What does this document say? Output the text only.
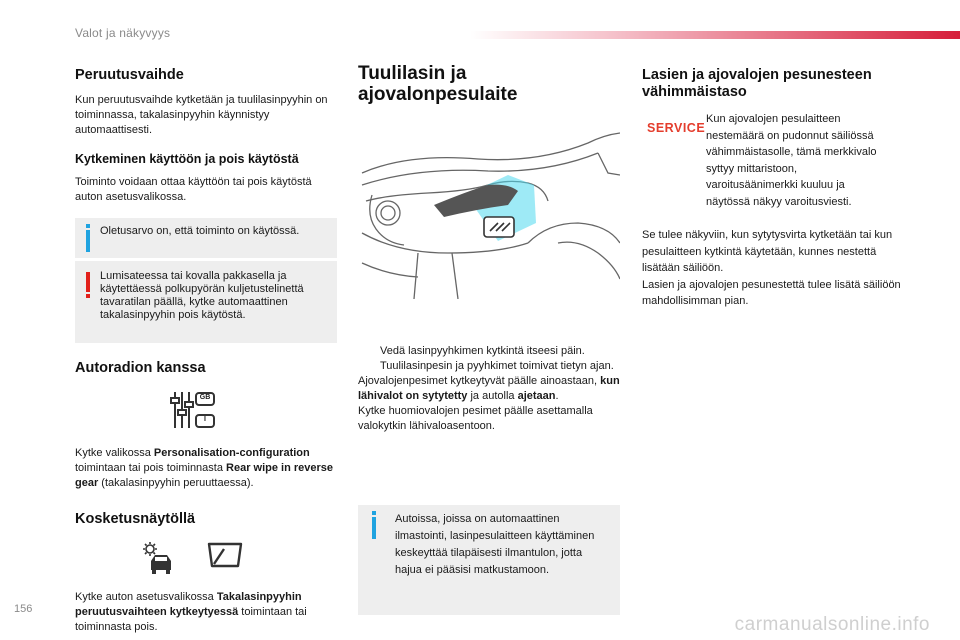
Valot ja näkyvyys
Peruutusvaihde

Kun peruutusvaihde kytketään ja tuulilasinpyyhin on toiminnassa, takalasinpyyhin käynnistyy automaattisesti.

Kytkeminen käyttöön ja pois käytöstä

Toiminto voidaan ottaa käyttöön tai pois käytöstä auton asetusvalikossa.

Oletusarvo on, että toiminto on käytössä.

Lumisateessa tai kovalla pakkasella ja käytettäessä polkupyörän kuljetustelinettä tavaratilan päällä, kytke automaattinen takalasinpyyhin pois käytöstä.

Autoradion kanssa
GB
I

Kytke valikossa Personalisation-configuration toimintaan tai pois toiminnasta Rear wipe in reverse gear (takalasinpyyhin peruuttaessa).

Kosketusnäytöllä

Kytke auton asetusvalikossa Takalasinpyyhin peruutusvaihteen kytkeytyessä toimintaan tai toiminnasta pois.

Tuulilasin ja ajovalonpesulaite

Vedä lasinpyyhkimen kytkintä itseesi päin. Tuulilasinpesin ja pyyhkimet toimivat tietyn ajan.

Ajovalojenpesimet kytkeytyvät päälle ainoastaan, kun lähivalot on sytytetty ja autolla ajetaan.

Kytke huomiovalojen pesimet päälle asettamalla valokytkin lähivaloasentoon.

Autoissa, joissa on automaattinen ilmastointi, lasinpesulaitteen käyttäminen keskeyttää tilapäisesti ilmantulon, jotta hajua ei pääsisi matkustamoon.

Lasien ja ajovalojen pesunesteen vähimmäistaso
SERVICE

Kun ajovalojen pesulaitteen nestemäärä on pudonnut säiliössä vähimmäistasolle, tämä merkkivalo syttyy mittaristoon, varoitusäänimerkki kuuluu ja näytössä näkyy varoitusviesti.

Se tulee näkyviin, kun sytytysvirta kytketään tai kun pesulaitteen kytkintä käytetään, kunnes nestettä lisätään säiliöön.

Lasien ja ajovalojen pesunestettä tulee lisätä säiliöön mahdollisimman pian.

156
carmanualsonline.info
